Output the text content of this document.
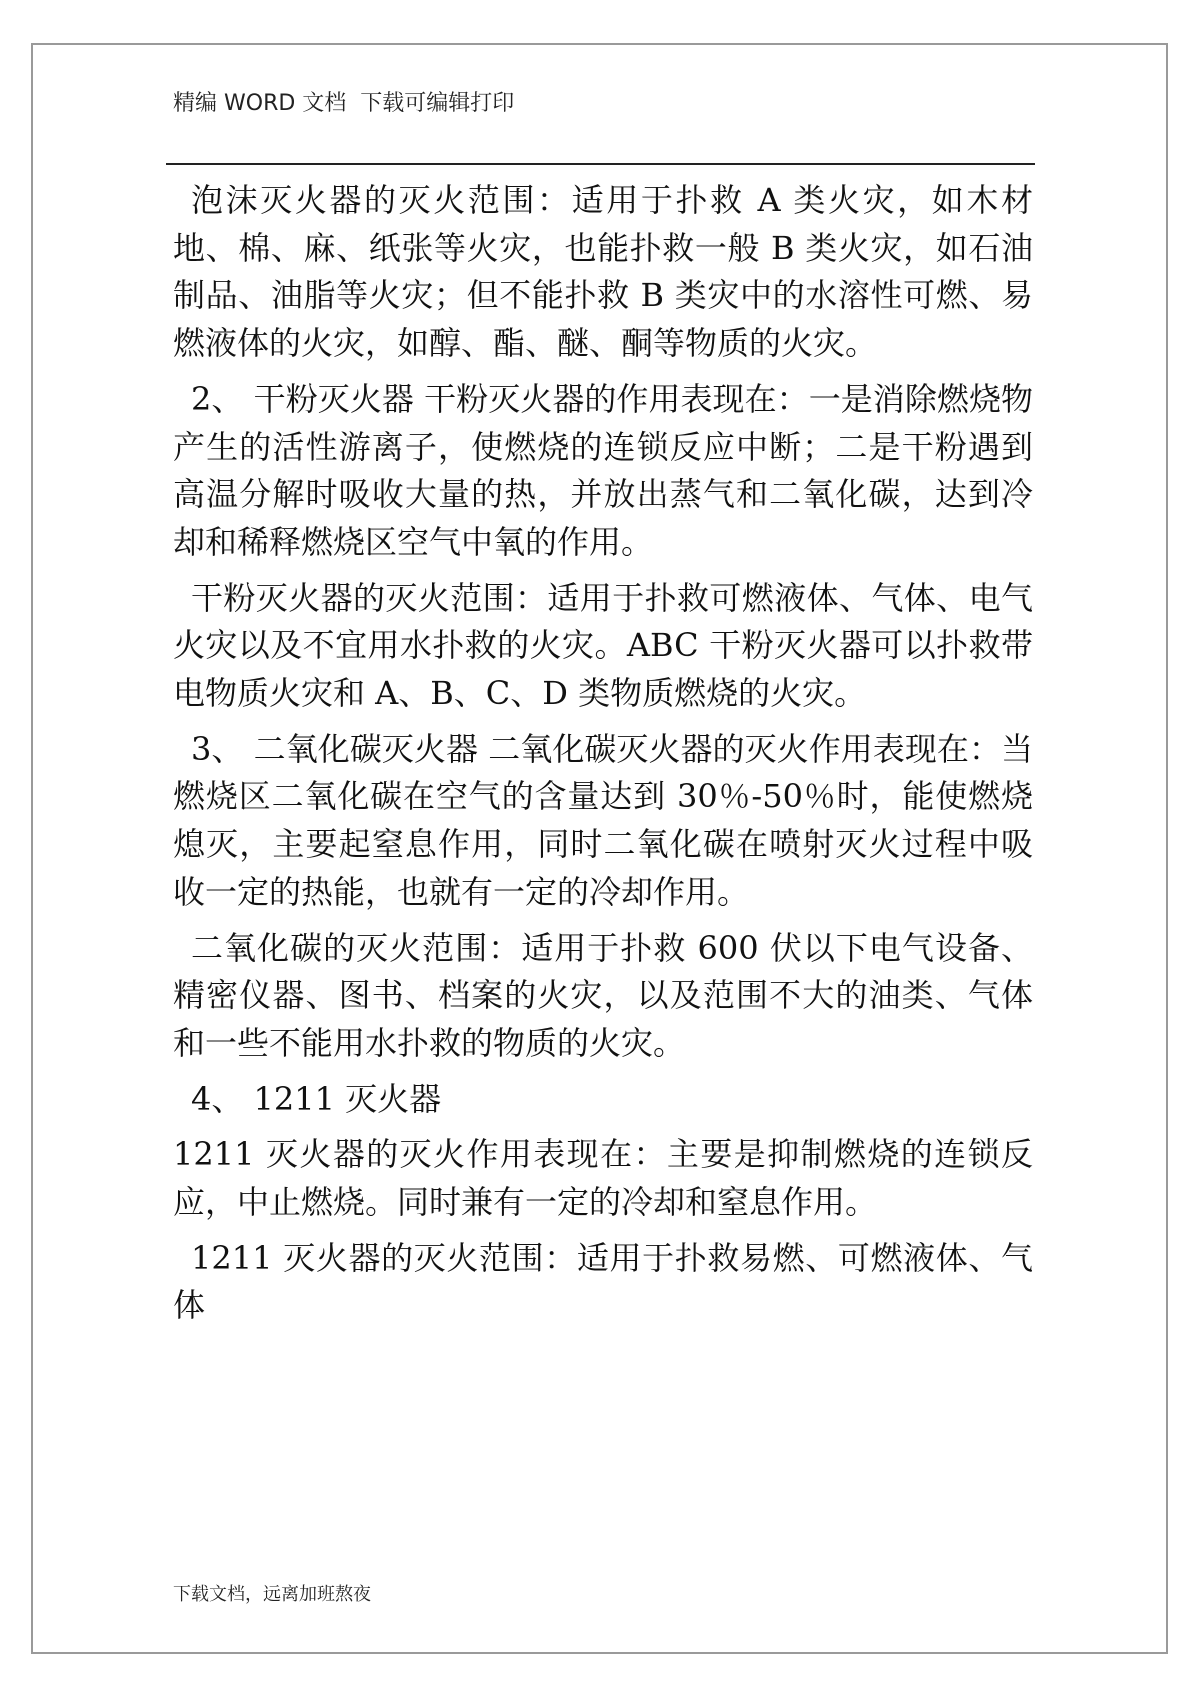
精编 WORD 文档  下载可编辑打印

泡沫灭火器的灭火范围：适用于扑救 A 类火灾，如木材地、棉、麻、纸张等火灾，也能扑救一般 B 类火灾，如石油制品、油脂等火灾；但不能扑救 B 类灾中的水溶性可燃、易燃液体的火灾，如醇、酯、醚、酮等物质的火灾。

2、 干粉灭火器 干粉灭火器的作用表现在：一是消除燃烧物产生的活性游离子，使燃烧的连锁反应中断；二是干粉遇到高温分解时吸收大量的热，并放出蒸气和二氧化碳，达到冷却和稀释燃烧区空气中氧的作用。

干粉灭火器的灭火范围：适用于扑救可燃液体、气体、电气火灾以及不宜用水扑救的火灾。ABC 干粉灭火器可以扑救带电物质火灾和 A、B、C、D 类物质燃烧的火灾。

3、 二氧化碳灭火器 二氧化碳灭火器的灭火作用表现在：当燃烧区二氧化碳在空气的含量达到 30％-50％时，能使燃烧熄灭，主要起窒息作用，同时二氧化碳在喷射灭火过程中吸收一定的热能，也就有一定的冷却作用。

二氧化碳的灭火范围：适用于扑救 600 伏以下电气设备、精密仪器、图书、档案的火灾，以及范围不大的油类、气体和一些不能用水扑救的物质的火灾。

4、 1211 灭火器

1211 灭火器的灭火作用表现在：主要是抑制燃烧的连锁反应，中止燃烧。同时兼有一定的冷却和窒息作用。

1211 灭火器的灭火范围：适用于扑救易燃、可燃液体、气体

下载文档，远离加班熬夜
